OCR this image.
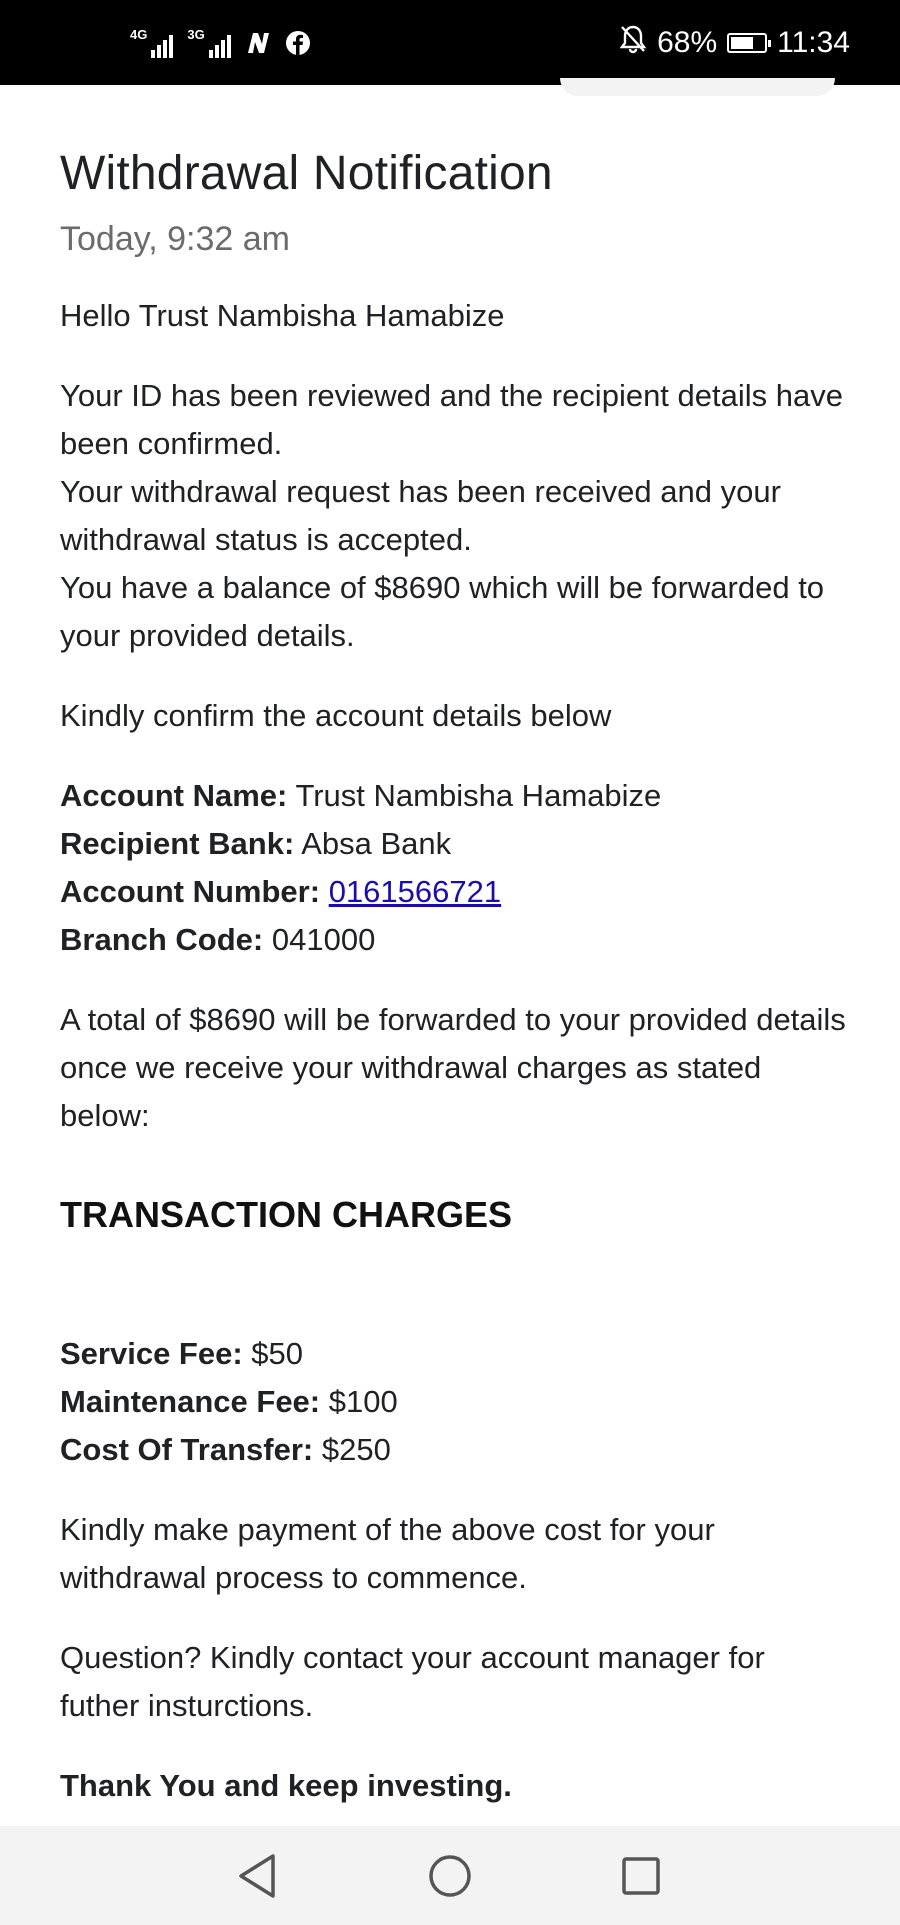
4G	3G	68% 11:34
Withdrawal Notification
Today, 9:32 am

Hello Trust Nambisha Hamabize

Your ID has been reviewed and the recipient details have been confirmed.
Your withdrawal request has been received and your withdrawal status is accepted.
You have a balance of $8690 which will be forwarded to your provided details.

Kindly confirm the account details below

Account Name: Trust Nambisha Hamabize
Recipient Bank: Absa Bank
Account Number: 0161566721
Branch Code: 041000

A total of $8690 will be forwarded to your provided details once we receive your withdrawal charges as stated below:

TRANSACTION CHARGES

Service Fee: $50
Maintenance Fee: $100
Cost Of Transfer: $250

Kindly make payment of the above cost for your withdrawal process to commence.

Question? Kindly contact your account manager for futher insturctions.

Thank You and keep investing.
